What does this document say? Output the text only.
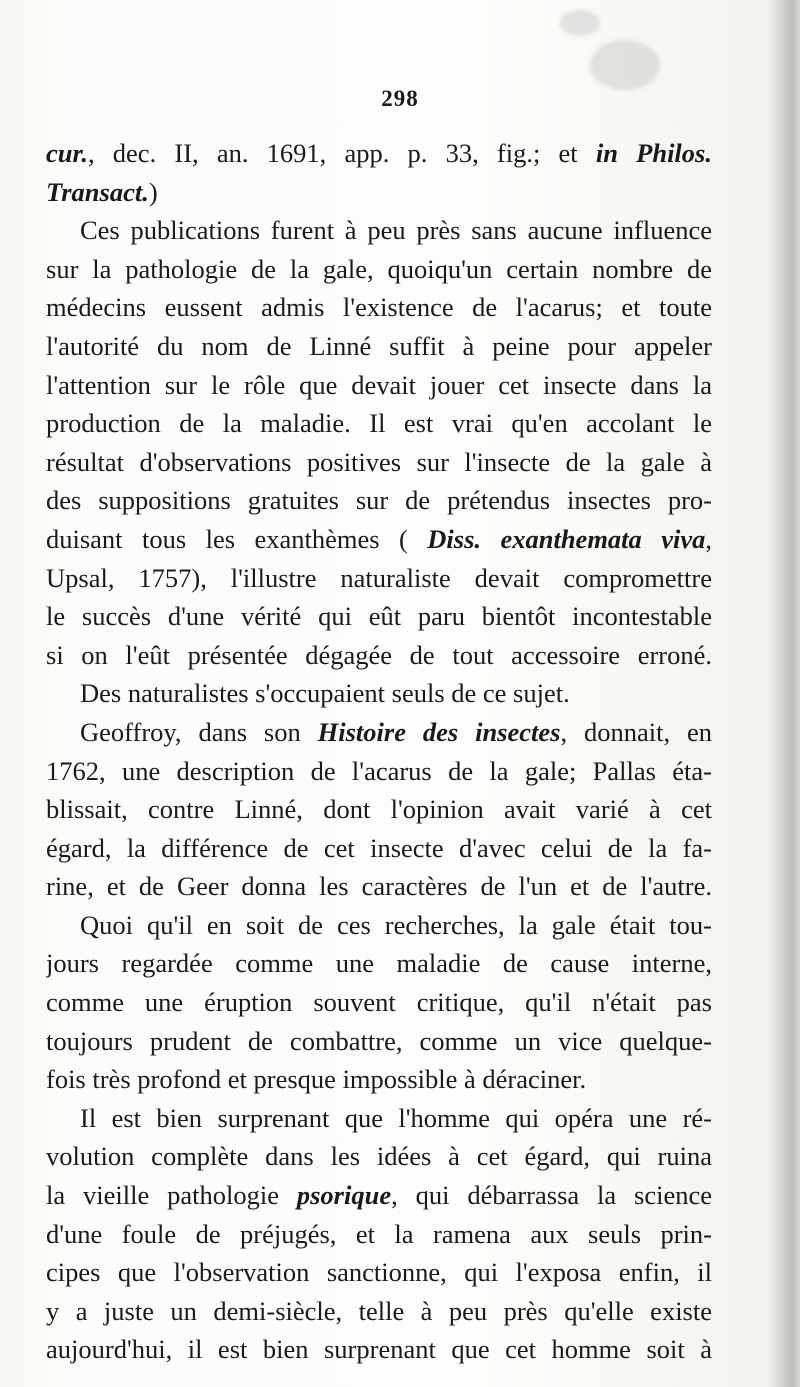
298
cur., dec. II, an. 1691, app. p. 33, fig.; et in Philos.
Transact.)
Ces publications furent à peu près sans aucune influence
sur la pathologie de la gale, quoiqu'un certain nombre de
médecins eussent admis l'existence de l'acarus; et toute
l'autorité du nom de Linné suffit à peine pour appeler
l'attention sur le rôle que devait jouer cet insecte dans la
production de la maladie. Il est vrai qu'en accolant le
résultat d'observations positives sur l'insecte de la gale à
des suppositions gratuites sur de prétendus insectes pro-
duisant tous les exanthèmes ( Diss. exanthemata viva,
Upsal, 1757), l'illustre naturaliste devait compromettre
le succès d'une vérité qui eût paru bientôt incontestable
si on l'eût présentée dégagée de tout accessoire erroné.
Des naturalistes s'occupaient seuls de ce sujet.
Geoffroy, dans son Histoire des insectes, donnait, en
1762, une description de l'acarus de la gale; Pallas éta-
blissait, contre Linné, dont l'opinion avait varié à cet
égard, la différence de cet insecte d'avec celui de la fa-
rine, et de Geer donna les caractères de l'un et de l'autre.
Quoi qu'il en soit de ces recherches, la gale était tou-
jours regardée comme une maladie de cause interne,
comme une éruption souvent critique, qu'il n'était pas
toujours prudent de combattre, comme un vice quelque-
fois très profond et presque impossible à déraciner.
Il est bien surprenant que l'homme qui opéra une ré-
volution complète dans les idées à cet égard, qui ruina
la vieille pathologie psorique, qui débarrassa la science
d'une foule de préjugés, et la ramena aux seuls prin-
cipes que l'observation sanctionne, qui l'exposa enfin, il
y a juste un demi-siècle, telle à peu près qu'elle existe
aujourd'hui, il est bien surprenant que cet homme soit à
